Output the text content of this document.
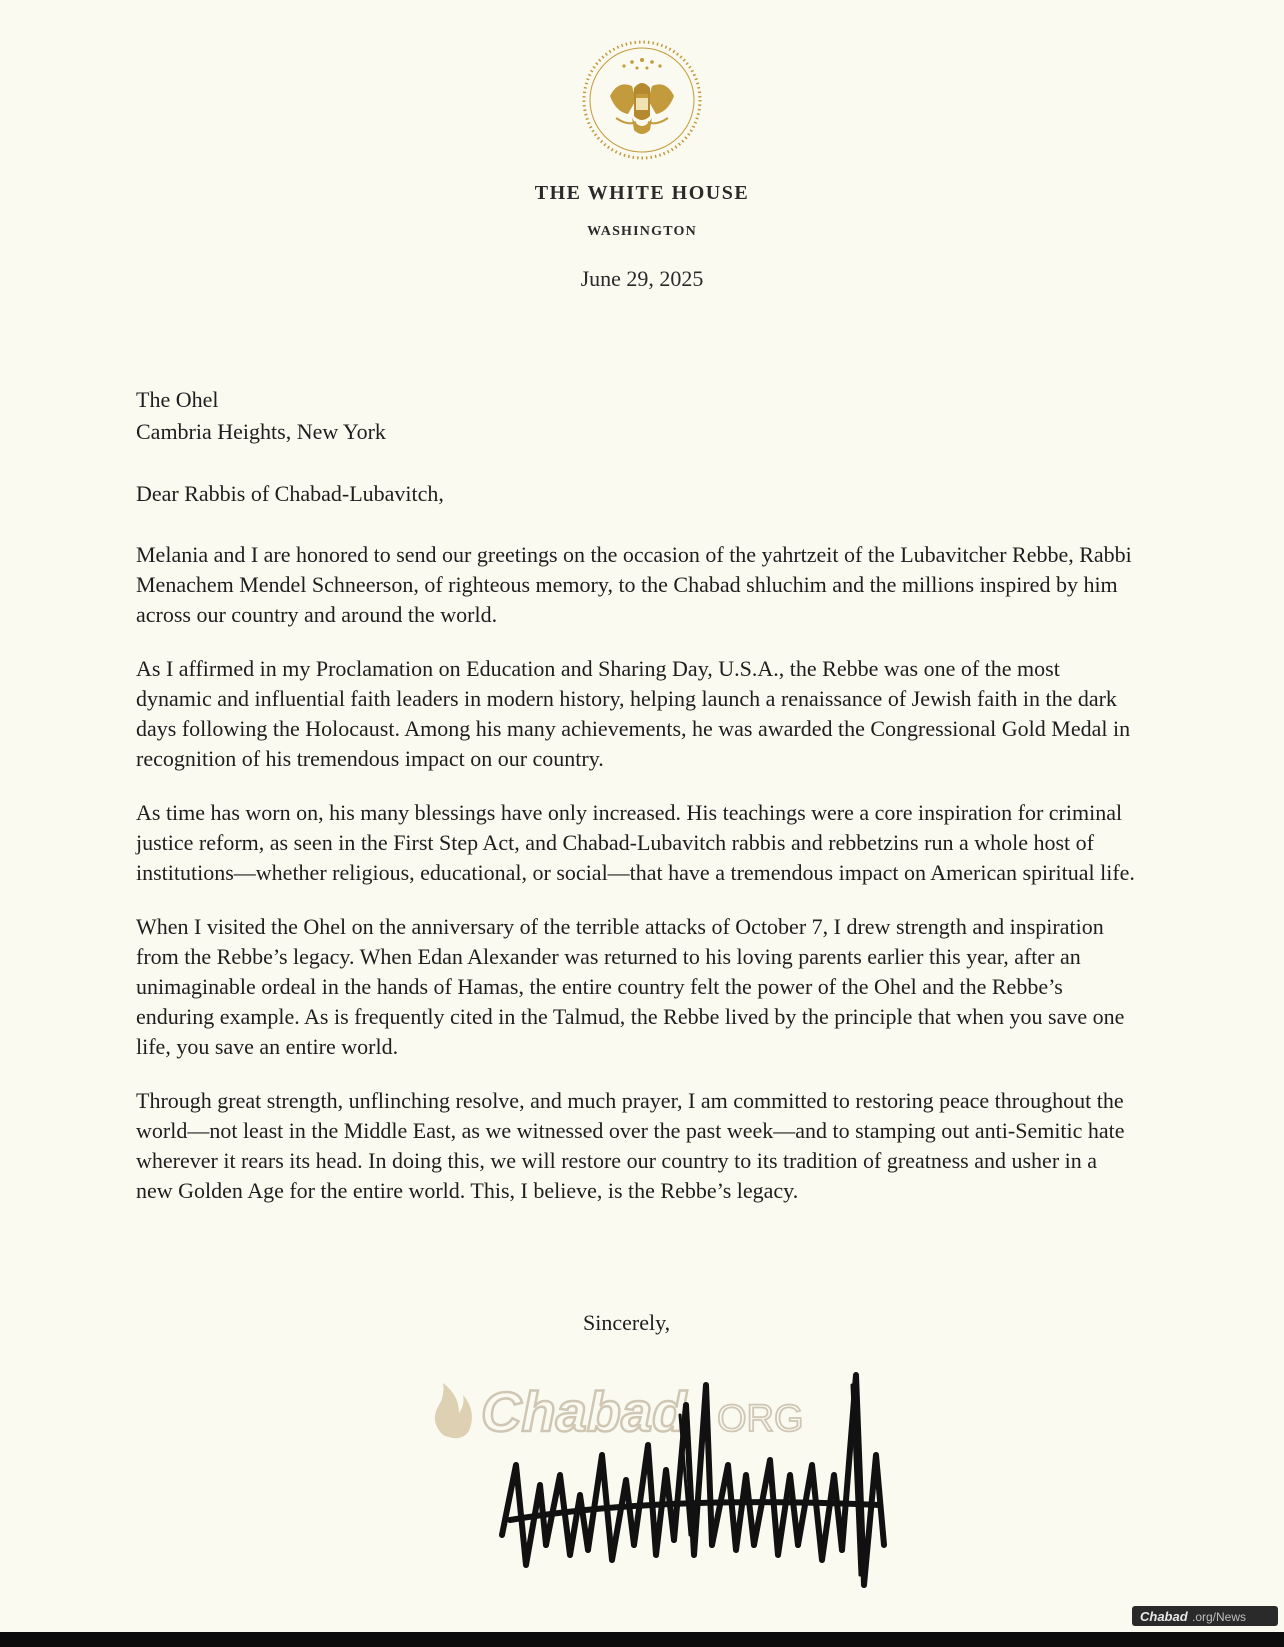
THE WHITE HOUSE
WASHINGTON
June 29, 2025
The Ohel
Cambria Heights, New York
Dear Rabbis of Chabad-Lubavitch,

Melania and I are honored to send our greetings on the occasion of the yahrtzeit of the Lubavitcher Rebbe, Rabbi Menachem Mendel Schneerson, of righteous memory, to the Chabad shluchim and the millions inspired by him across our country and around the world.

As I affirmed in my Proclamation on Education and Sharing Day, U.S.A., the Rebbe was one of the most dynamic and influential faith leaders in modern history, helping launch a renaissance of Jewish faith in the dark days following the Holocaust. Among his many achievements, he was awarded the Congressional Gold Medal in recognition of his tremendous impact on our country.

As time has worn on, his many blessings have only increased. His teachings were a core inspiration for criminal justice reform, as seen in the First Step Act, and Chabad-Lubavitch rabbis and rebbetzins run a whole host of institutions—whether religious, educational, or social—that have a tremendous impact on American spiritual life.

When I visited the Ohel on the anniversary of the terrible attacks of October 7, I drew strength and inspiration from the Rebbe’s legacy. When Edan Alexander was returned to his loving parents earlier this year, after an unimaginable ordeal in the hands of Hamas, the entire country felt the power of the Ohel and the Rebbe’s enduring example. As is frequently cited in the Talmud, the Rebbe lived by the principle that when you save one life, you save an entire world.

Through great strength, unflinching resolve, and much prayer, I am committed to restoring peace throughout the world—not least in the Middle East, as we witnessed over the past week—and to stamping out anti-Semitic hate wherever it rears its head. In doing this, we will restore our country to its tradition of greatness and usher in a new Golden Age for the entire world. This, I believe, is the Rebbe’s legacy.

Sincerely,
Chabad ORG
Chabad .org/News
